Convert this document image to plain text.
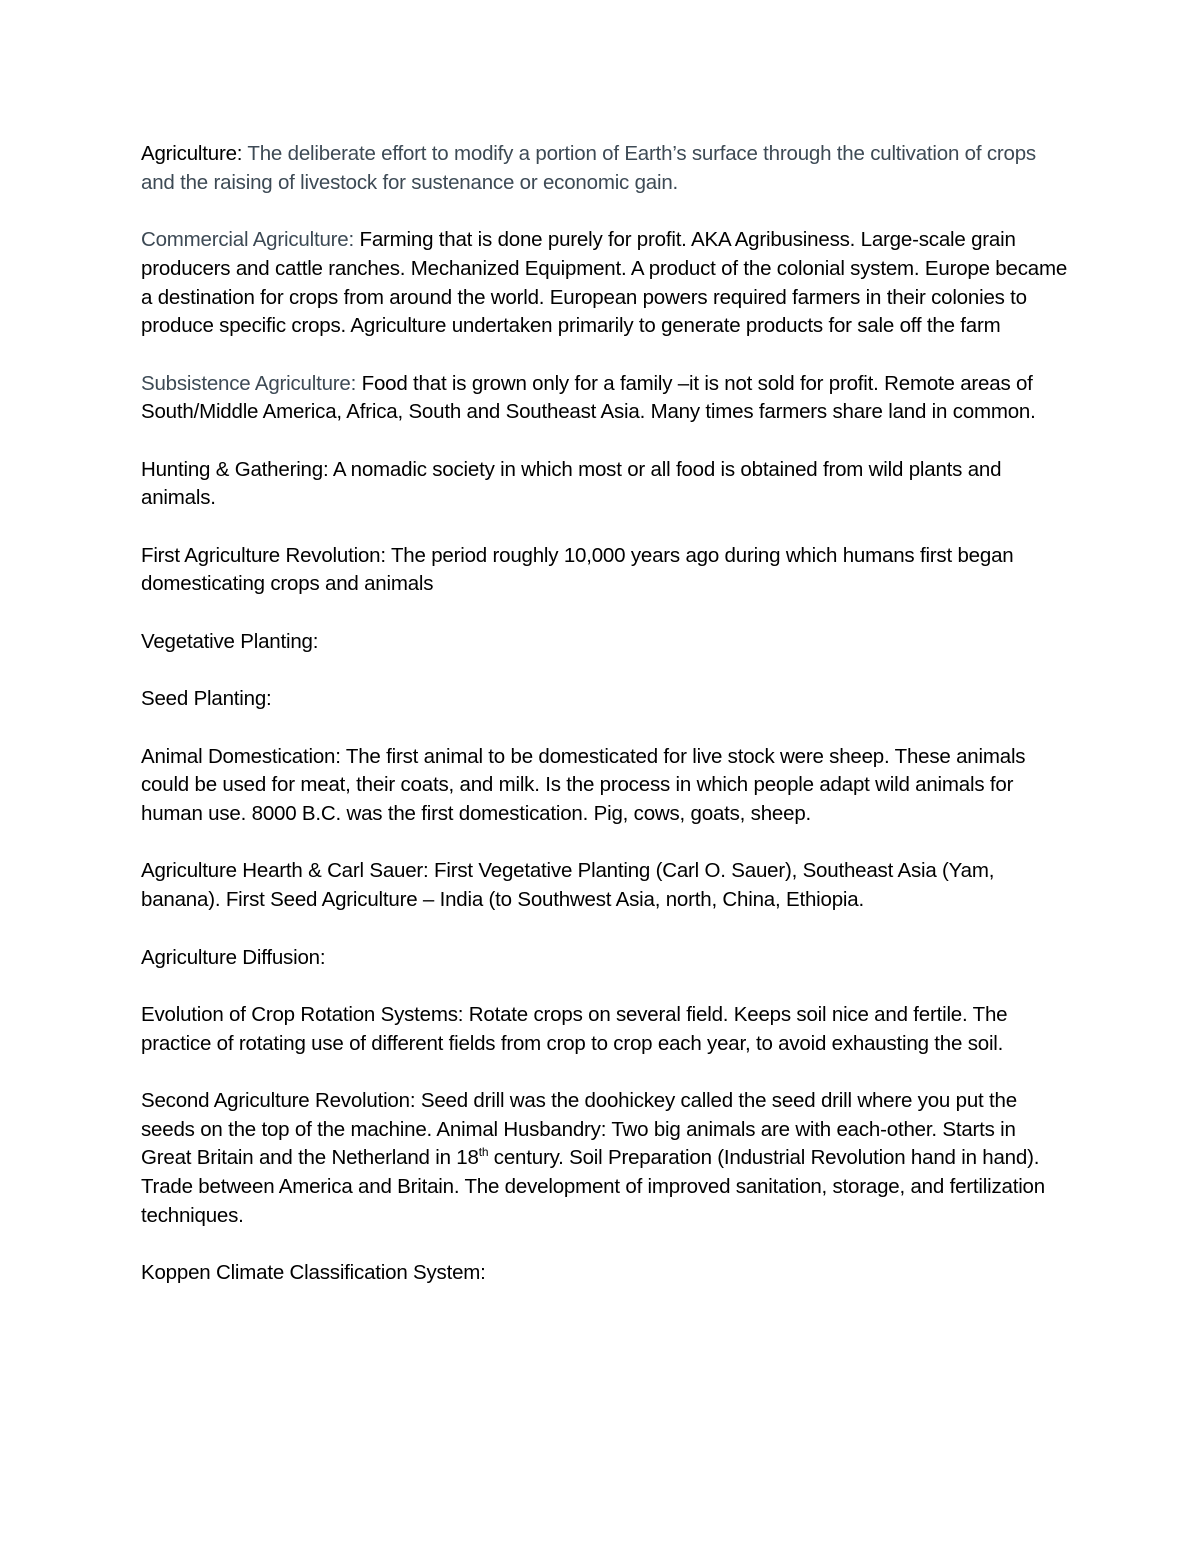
Agriculture: The deliberate effort to modify a portion of Earth’s surface through the cultivation of crops and the raising of livestock for sustenance or economic gain.

Commercial Agriculture: Farming that is done purely for profit. AKA Agribusiness. Large-scale grain producers and cattle ranches. Mechanized Equipment. A product of the colonial system. Europe became a destination for crops from around the world. European powers required farmers in their colonies to produce specific crops. Agriculture undertaken primarily to generate products for sale off the farm

Subsistence Agriculture: Food that is grown only for a family –it is not sold for profit. Remote areas of South/Middle America, Africa, South and Southeast Asia. Many times farmers share land in common.

Hunting & Gathering: A nomadic society in which most or all food is obtained from wild plants and animals.

First Agriculture Revolution: The period roughly 10,000 years ago during which humans first began domesticating crops and animals

Vegetative Planting:

Seed Planting:

Animal Domestication: The first animal to be domesticated for live stock were sheep. These animals could be used for meat, their coats, and milk. Is the process in which people adapt wild animals for human use. 8000 B.C. was the first domestication. Pig, cows, goats, sheep.

Agriculture Hearth & Carl Sauer: First Vegetative Planting (Carl O. Sauer), Southeast Asia (Yam, banana). First Seed Agriculture – India (to Southwest Asia, north, China, Ethiopia.

Agriculture Diffusion:

Evolution of Crop Rotation Systems: Rotate crops on several field. Keeps soil nice and fertile. The practice of rotating use of different fields from crop to crop each year, to avoid exhausting the soil.

Second Agriculture Revolution: Seed drill was the doohickey called the seed drill where you put the seeds on the top of the machine. Animal Husbandry: Two big animals are with each-other. Starts in Great Britain and the Netherland in 18th century. Soil Preparation (Industrial Revolution hand in hand). Trade between America and Britain. The development of improved sanitation, storage, and fertilization techniques.

Koppen Climate Classification System:
